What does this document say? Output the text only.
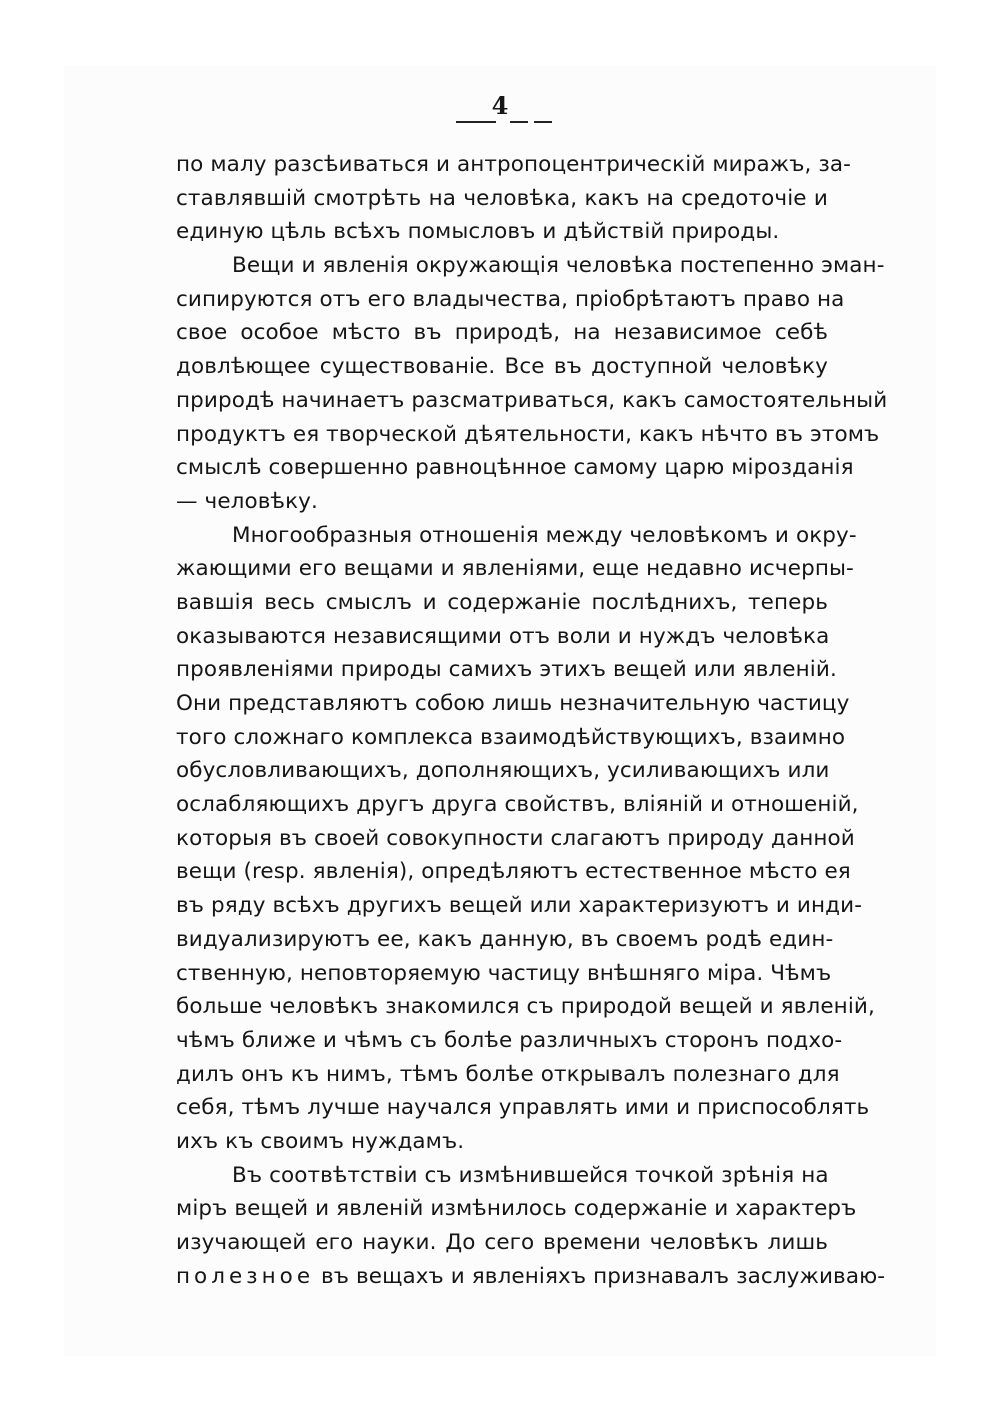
4
по малу разсѣиваться и антропоцентрическій миражъ, за-
ставлявшій смотрѣть на человѣка, какъ на средоточіе и
единую цѣль всѣхъ помысловъ и дѣйствій природы.
Вещи и явленія окружающія человѣка постепенно эман-
сипируются отъ его владычества, пріобрѣтаютъ право на
свое особое мѣсто въ природѣ, на независимое себѣ
довлѣющее существованіе. Все въ доступной человѣку
природѣ начинаетъ разсматриваться, какъ самостоятельный
продуктъ ея творческой дѣятельности, какъ нѣчто въ этомъ
смыслѣ совершенно равноцѣнное самому царю мірозданія
— человѣку.
Многообразныя отношенія между человѣкомъ и окру-
жающими его вещами и явленіями, еще недавно исчерпы-
вавшія весь смыслъ и содержаніе послѣднихъ, теперь
оказываются независящими отъ воли и нуждъ человѣка
проявленіями природы самихъ этихъ вещей или явленій.
Они представляютъ собою лишь незначительную частицу
того сложнаго комплекса взаимодѣйствующихъ, взаимно
обусловливающихъ, дополняющихъ, усиливающихъ или
ослабляющихъ другъ друга свойствъ, вліяній и отношеній,
которыя въ своей совокупности слагаютъ природу данной
вещи (resp. явленія), опредѣляютъ естественное мѣсто ея
въ ряду всѣхъ другихъ вещей или характеризуютъ и инди-
видуализируютъ ее, какъ данную, въ своемъ родѣ един-
ственную, неповторяемую частицу внѣшняго міра. Чѣмъ
больше человѣкъ знакомился съ природой вещей и явленій,
чѣмъ ближе и чѣмъ съ болѣе различныхъ сторонъ подхо-
дилъ онъ къ нимъ, тѣмъ болѣе открывалъ полезнаго для
себя, тѣмъ лучше научался управлять ими и приспособлять
ихъ къ своимъ нуждамъ.
Въ соотвѣтствіи съ измѣнившейся точкой зрѣнія на
міръ вещей и явленій измѣнилось содержаніе и характеръ
изучающей его науки. До сего времени человѣкъ лишь
полезное въ вещахъ и явленіяхъ признавалъ заслуживаю-
